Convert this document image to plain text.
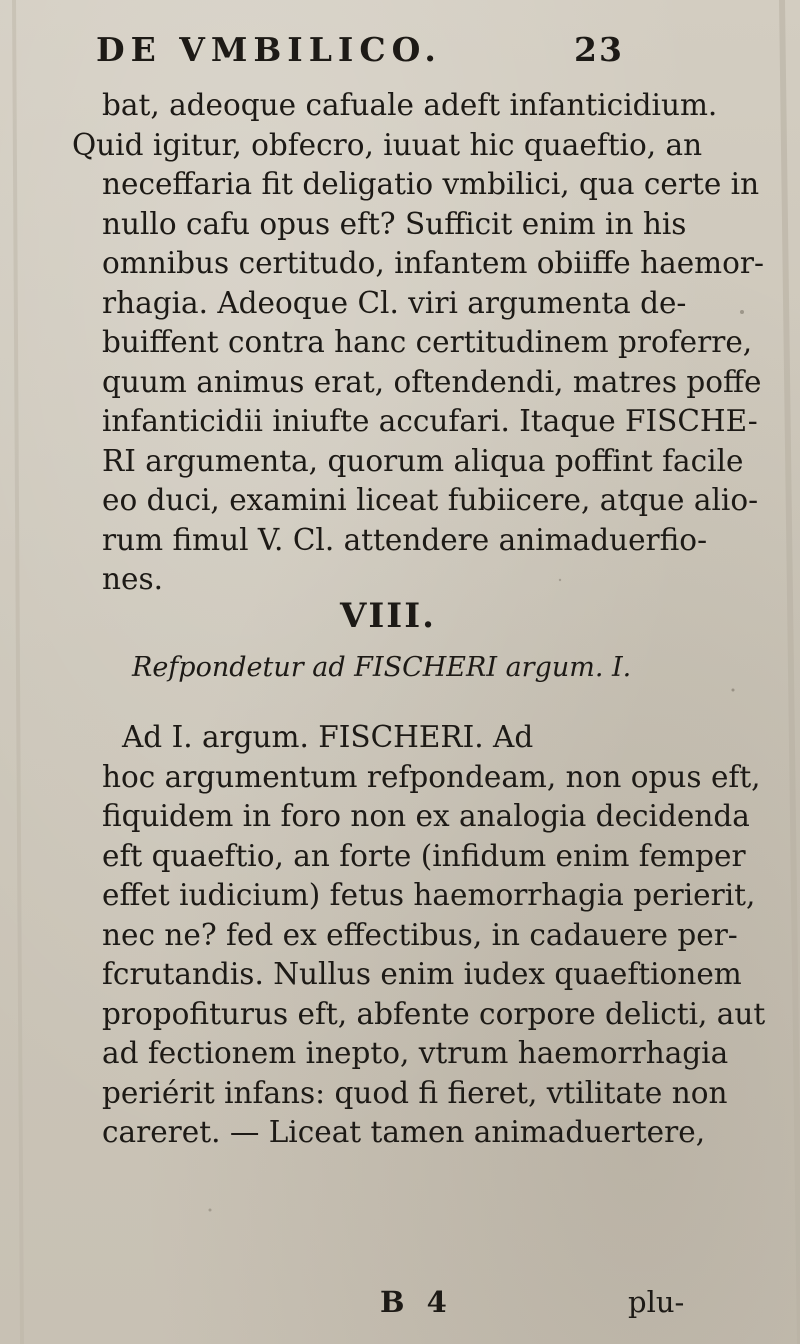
DE VMBILICO.	23
bat, adeoque cafuale adeft infanticidium.
Quid igitur, obfecro, iuuat hic quaeftio, an
neceffaria fit deligatio vmbilici, qua certe in
nullo cafu opus eft? Sufficit enim in his
omnibus certitudo, infantem obiiffe haemor-
rhagia. Adeoque Cl. viri argumenta de-
buiffent contra hanc certitudinem proferre,
quum animus erat, oftendendi, matres poffe
infanticidii iniufte accufari. Itaque FISCHE-
RI argumenta, quorum aliqua poffint facile
eo duci, examini liceat fubiicere, atque alio-
rum fimul V. Cl. attendere animaduerfio-
nes.
VIII.
Refpondetur ad FISCHERI argum. I.
Ad I. argum. FISCHERI. Ad
hoc argumentum refpondeam, non opus eft,
fiquidem in foro non ex analogia decidenda
eft quaeftio, an forte (infidum enim femper
effet iudicium) fetus haemorrhagia perierit,
nec ne? fed ex effectibus, in cadauere per-
fcrutandis. Nullus enim iudex quaeftionem
propofiturus eft, abfente corpore delicti, aut
ad fectionem inepto, vtrum haemorrhagia
periérit infans: quod fi fieret, vtilitate non
careret. — Liceat tamen animaduertere,
B 4	plu-
